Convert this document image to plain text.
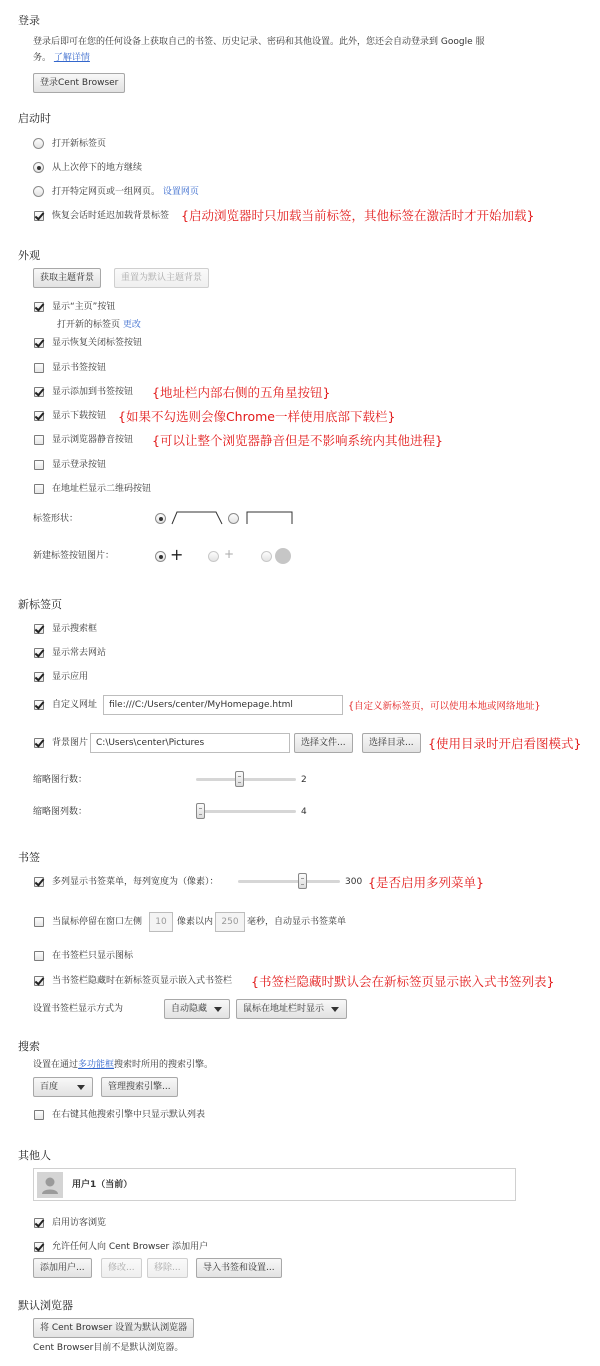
登录
登录后即可在您的任何设备上获取自己的书签、历史记录、密码和其他设置。此外，您还会自动登录到 Google 服
务。 了解详情
登录Cent Browser
启动时
打开新标签页
从上次停下的地方继续
打开特定网页或一组网页。 设置网页
恢复会话时延迟加载背景标签 {启动浏览器时只加载当前标签，其他标签在激活时才开始加载}
外观
获取主题背景	重置为默认主题背景
显示“主页”按钮
打开新的标签页 更改
显示恢复关闭标签按钮
显示书签按钮
显示添加到书签按钮 {地址栏内部右侧的五角星按钮}
显示下载按钮 {如果不勾选则会像Chrome一样使用底部下载栏}
显示浏览器静音按钮 {可以让整个浏览器静音但是不影响系统内其他进程}
显示登录按钮
在地址栏显示二维码按钮
标签形状：
新建标签按钮图片：	+	+
新标签页
显示搜索框
显示常去网站
显示应用
自定义网址	file:///C:/Users/center/MyHomepage.html	{自定义新标签页，可以使用本地或网络地址}
背景图片 C:\Users\center\Pictures	选择文件...	选择目录...	{使用目录时开启看图模式}
缩略图行数：	2
缩略图列数：	4
书签
多列显示书签菜单，每列宽度为（像素）：	300 {是否启用多列菜单}
当鼠标停留在窗口左侧	10	像素以内 250 毫秒，自动显示书签菜单
在书签栏只显示图标
当书签栏隐藏时在新标签页显示嵌入式书签栏 {书签栏隐藏时默认会在新标签页显示嵌入式书签列表}
设置书签栏显示方式为	自动隐藏	鼠标在地址栏时显示
搜索
设置在通过多功能框搜索时所用的搜索引擎。
百度	管理搜索引擎...
在右键其他搜索引擎中只显示默认列表
其他人
用户1（当前）
启用访客浏览
允许任何人向 Cent Browser 添加用户
添加用户...	修改...	移除...	导入书签和设置...
默认浏览器
将 Cent Browser 设置为默认浏览器
Cent Browser目前不是默认浏览器。
